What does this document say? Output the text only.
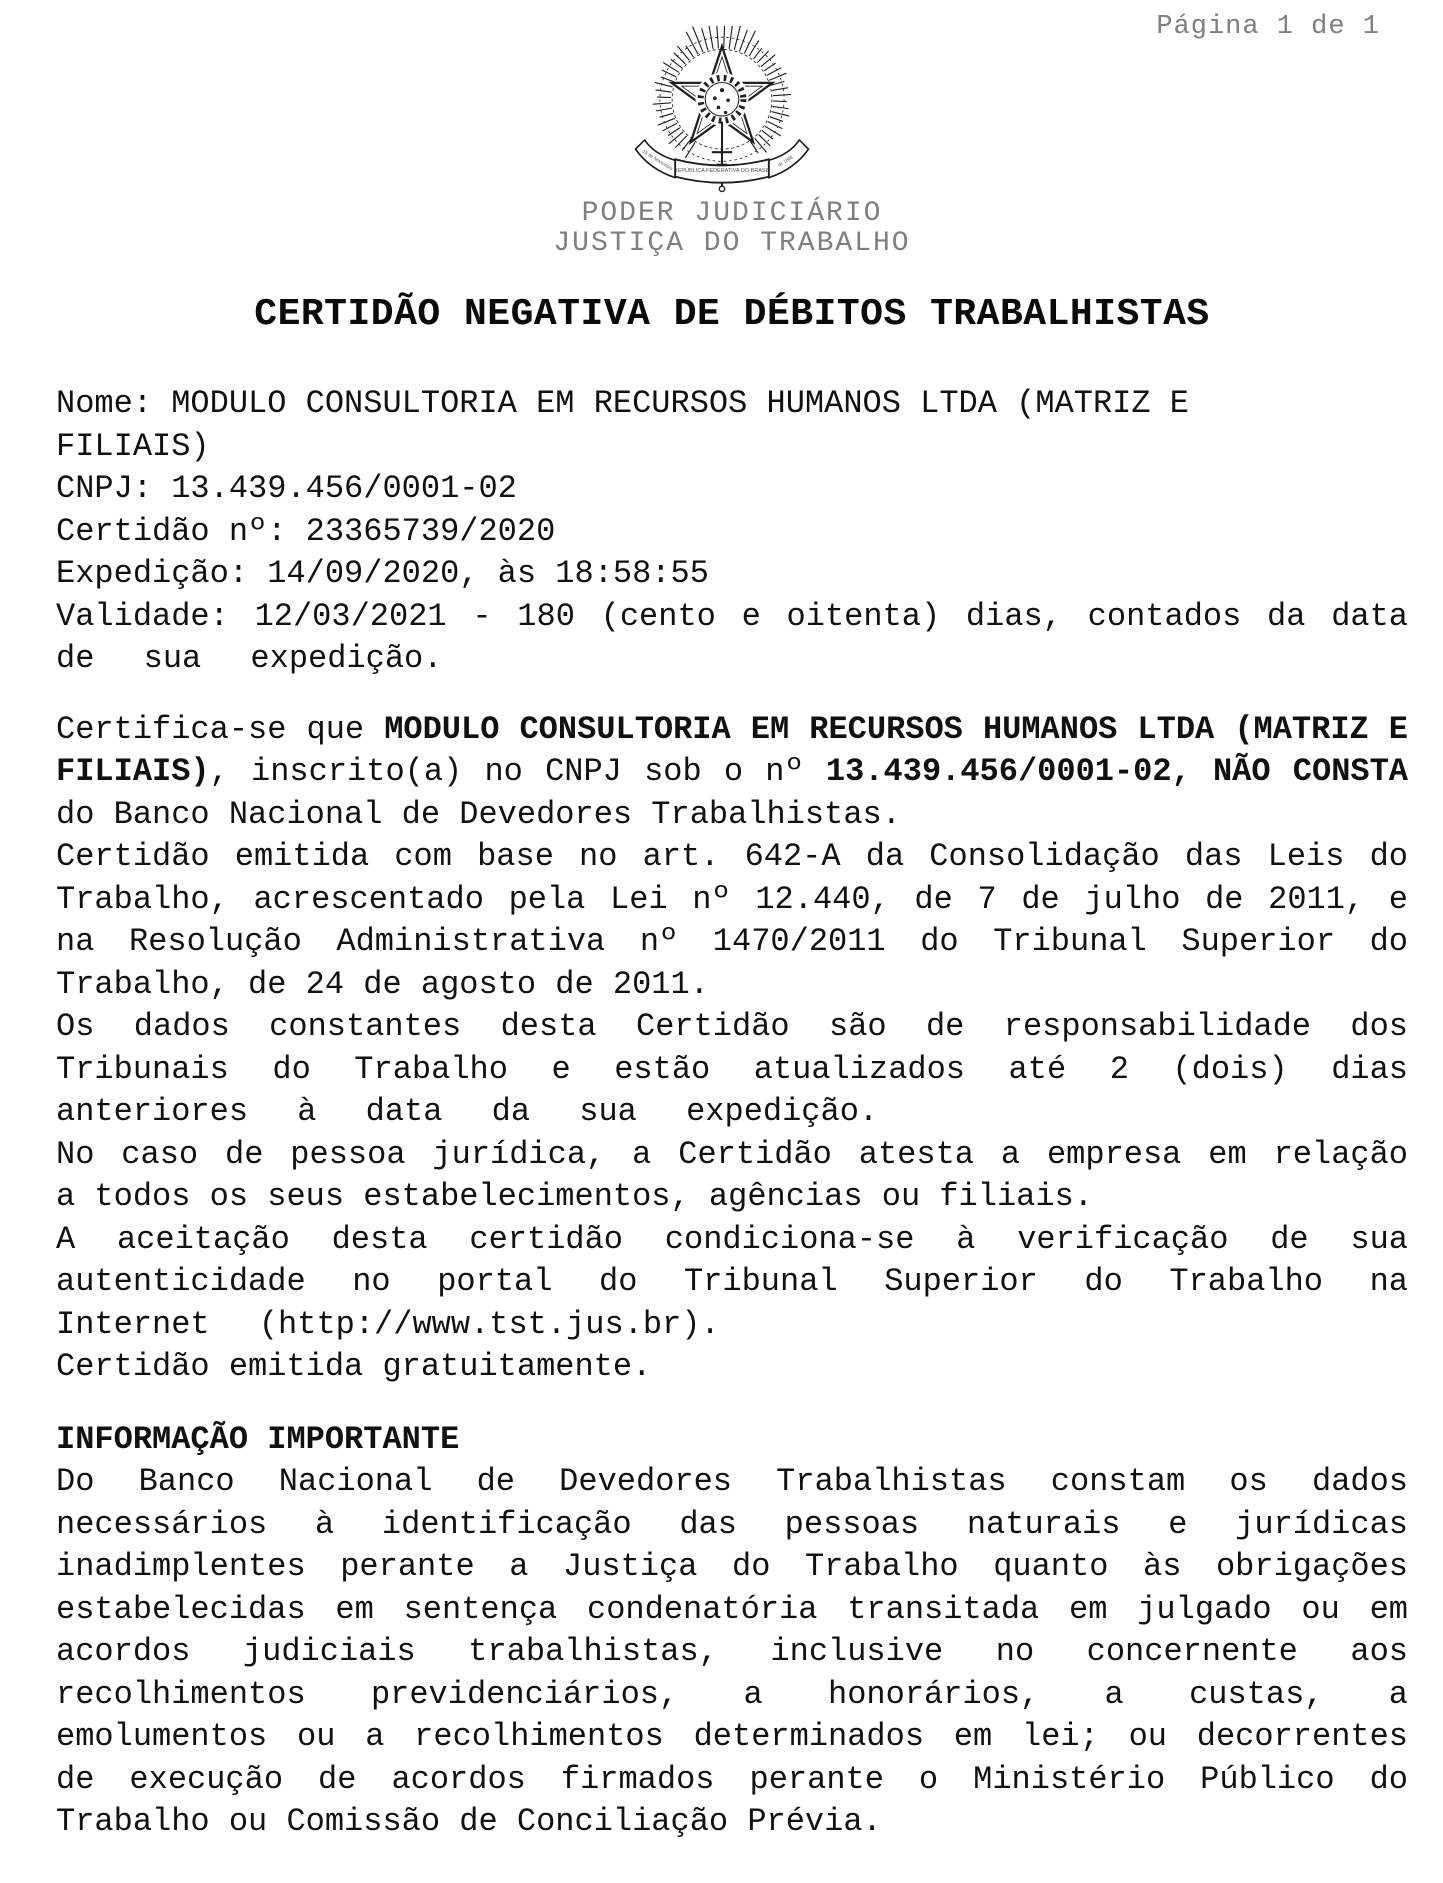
Página 1 de 1
REPÚBLICA FEDERATIVA DO BRASIL
15 de Novembro	de 1889
PODER JUDICIÁRIO
JUSTIÇA DO TRABALHO
CERTIDÃO NEGATIVA DE DÉBITOS TRABALHISTAS
Nome: MODULO CONSULTORIA EM RECURSOS HUMANOS LTDA (MATRIZ E
FILIAIS)
CNPJ: 13.439.456/0001-02
Certidão nº: 23365739/2020
Expedição: 14/09/2020, às 18:58:55
Validade: 12/03/2021 - 180 (cento e oitenta) dias, contados da data
de sua expedição.
Certifica-se que MODULO CONSULTORIA EM RECURSOS HUMANOS LTDA (MATRIZ E
FILIAIS), inscrito(a) no CNPJ sob o nº 13.439.456/0001-02, NÃO CONSTA
do Banco Nacional de Devedores Trabalhistas.
Certidão emitida com base no art. 642-A da Consolidação das Leis do
Trabalho, acrescentado pela Lei nº 12.440, de 7 de julho de 2011, e
na Resolução Administrativa nº 1470/2011 do Tribunal Superior do
Trabalho, de 24 de agosto de 2011.
Os dados constantes desta Certidão são de responsabilidade dos
Tribunais do Trabalho e estão atualizados até 2 (dois) dias
anteriores à data da sua expedição.
No caso de pessoa jurídica, a Certidão atesta a empresa em relação
a todos os seus estabelecimentos, agências ou filiais.
A aceitação desta certidão condiciona-se à verificação de sua
autenticidade no portal do Tribunal Superior do Trabalho na
Internet (http://www.tst.jus.br).
Certidão emitida gratuitamente.
INFORMAÇÃO IMPORTANTE
Do Banco Nacional de Devedores Trabalhistas constam os dados
necessários à identificação das pessoas naturais e jurídicas
inadimplentes perante a Justiça do Trabalho quanto às obrigações
estabelecidas em sentença condenatória transitada em julgado ou em
acordos judiciais trabalhistas, inclusive no concernente aos
recolhimentos previdenciários, a honorários, a custas, a
emolumentos ou a recolhimentos determinados em lei; ou decorrentes
de execução de acordos firmados perante o Ministério Público do
Trabalho ou Comissão de Conciliação Prévia.
